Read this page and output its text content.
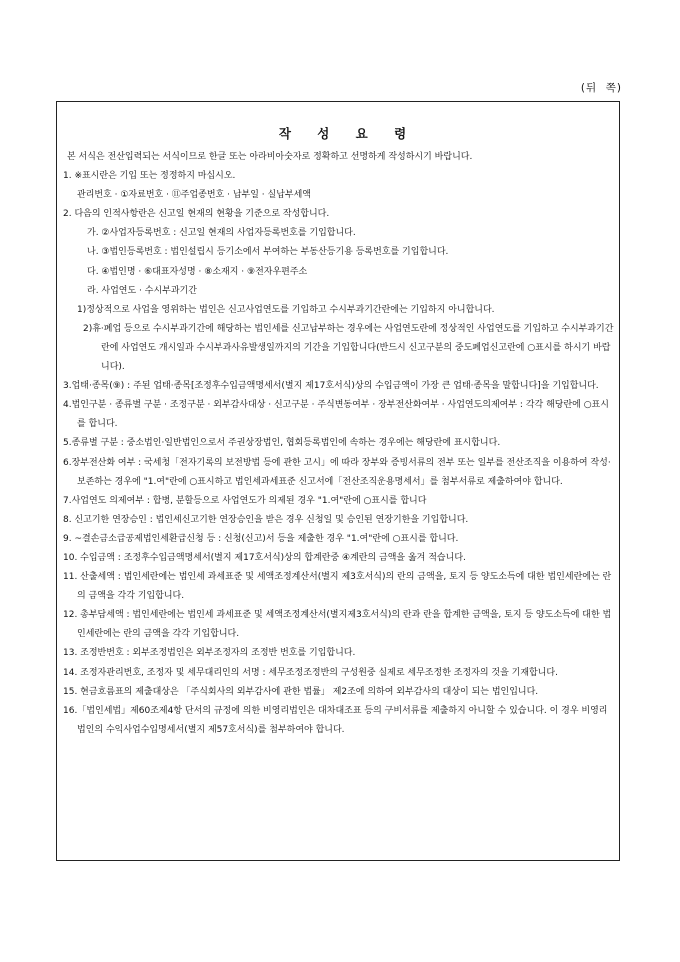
(뒤  쪽)
작 성 요 령

본 서식은 전산입력되는 서식이므로 한글 또는 아라비아숫자로 정확하고 선명하게 작성하시기 바랍니다.

1. ※표시란은 기입 또는 정정하지 마십시오.

관리번호 · ①자료번호 · ⑪주업종번호 · 납부일 · 실납부세액

2. 다음의 인적사항란은 신고일 현재의 현황을 기준으로 작성합니다.

가. ②사업자등록번호 : 신고일 현재의 사업자등록번호를 기입합니다.

나. ③법인등록번호 : 법인설립시 등기소에서 부여하는 부동산등기용 등록번호를 기입합니다.

다. ④법인명 · ⑥대표자성명 · ⑧소재지 · ⑨전자우편주소

라. 사업연도 · 수시부과기간

1)정상적으로 사업을 영위하는 법인은 신고사업연도를 기입하고 수시부과기간란에는 기입하지 아니합니다.

2)휴·폐업 등으로 수시부과기간에 해당하는 법인세를 신고납부하는 경우에는 사업연도란에 정상적인 사업연도를 기입하고 수시부과기간란에 사업연도 개시일과 수시부과사유발생일까지의 기간을 기입합니다(반드시 신고구분의 중도폐업신고란에 ○표시를 하시기 바랍니다).

3.업태·종목(⑨) : 주된 업태·종목[조정후수입금액명세서(별지 제17호서식)상의 수입금액이 가장 큰 업태·종목을 말합니다]을 기입합니다.

4.법인구분 · 종류별 구분 · 조정구분 · 외부감사대상 · 신고구분 · 주식변동여부 · 장부전산화여부 · 사업연도의제여부 : 각각 해당란에 ○표시를 합니다.

5.종류별 구분 : 중소법인·일반법인으로서 주권상장법인, 협회등록법인에 속하는 경우에는 해당란에 표시합니다.

6.장부전산화 여부 : 국세청「전자기록의 보전방법 등에 관한 고시」에 따라 장부와 증빙서류의 전부 또는 일부를 전산조직을 이용하여 작성·보존하는 경우에 "1.여"란에 ○표시하고 법인세과세표준 신고서에「전산조직운용명세서」를 첨부서류로 제출하여야 합니다.

7.사업연도 의제여부 : 합병, 분할등으로 사업연도가 의제된 경우 "1.여"란에 ○표시를 합니다

8. 신고기한 연장승인 : 법인세신고기한 연장승인을 받은 경우 신청일 및 승인된 연장기한을 기입합니다.

9. ~결손금소급공제법인세환급신청 등 : 신청(신고)서 등을 제출한 경우 "1.여"란에 ○표시를 합니다.

10. 수입금액 : 조정후수입금액명세서(별지 제17호서식)상의 합계란중 ④계란의 금액을 옮겨 적습니다.

11. 산출세액 : 법인세란에는 법인세 과세표준 및 세액조정계산서(별지 제3호서식)의 란의 금액을, 토지 등 양도소득에 대한 법인세란에는 란의 금액을 각각 기입합니다.

12. 총부담세액 : 법인세란에는 법인세 과세표준 및 세액조정계산서(별지제3호서식)의 란과 란을 합계한 금액을, 토지 등 양도소득에 대한 법인세란에는 란의 금액을 각각 기입합니다.

13. 조정반번호 : 외부조정법인은 외부조정자의 조정반 번호를 기입합니다.

14. 조정자관리번호, 조정자 및 세무대리인의 서명 : 세무조정조정반의 구성원중 실제로 세무조정한 조정자의 것을 기재합니다.

15. 현금흐름표의 제출대상은 「주식회사의 외부감사에 관한 법률」 제2조에 의하여 외부감사의 대상이 되는 법인입니다.

16.「법인세법」제60조제4항 단서의 규정에 의한 비영리법인은 대차대조표 등의 구비서류를 제출하지 아니할 수 있습니다. 이 경우 비영리법인의 수익사업수입명세서(별지 제57호서식)를 첨부하여야 합니다.
